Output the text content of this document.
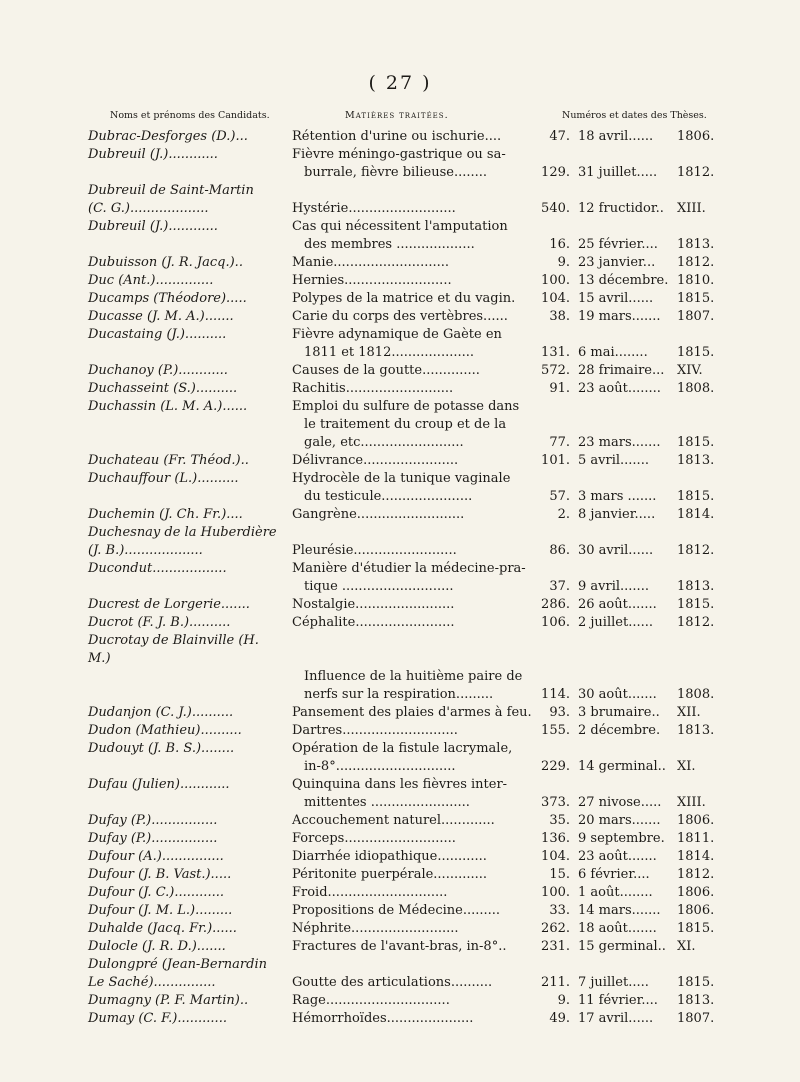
( 27 )
Noms et prénoms des Candidats.	Matières traitées.	Numéros et dates des Thèses.
Dubrac-Desforges (D.)...	Rétention d'urine ou ischurie....	47. 18 avril...... 1806.
Dubreuil (J.)............	Fièvre méningo-gastrique ou sa-
burrale, fièvre bilieuse........	129. 31 juillet..... 1812.
Dubreuil de Saint-Martin
(C. G.)...................	Hystérie..........................	540. 12 fructidor.. XIII.
Dubreuil (J.)............	Cas qui nécessitent l'amputation
des membres ...................	16. 25 février.... 1813.
Dubuisson (J. R. Jacq.)..	Manie............................	9. 23 janvier... 1812.
Duc (Ant.)..............	Hernies..........................	100. 13 décembre. 1810.
Ducamps (Théodore).....	Polypes de la matrice et du vagin. 104. 15 avril...... 1815.
Ducasse (J. M. A.).......	Carie du corps des vertèbres......	38. 19 mars....... 1807.
Ducastaing (J.)..........	Fièvre adynamique de Gaète en
1811 et 1812....................	131. 6 mai........ 1815.
Duchanoy (P.)............	Causes de la goutte..............	572. 28 frimaire... XIV.
Duchasseint (S.)..........	Rachitis..........................	91. 23 août........ 1808.
Duchassin (L. M. A.)......	Emploi du sulfure de potasse dans
le traitement du croup et de la
gale, etc.........................	77. 23 mars....... 1815.
Duchateau (Fr. Théod.)..	Délivrance.......................	101. 5 avril....... 1813.
Duchauffour (L.)..........	Hydrocèle de la tunique vaginale
du testicule......................	57. 3 mars ....... 1815.
Duchemin (J. Ch. Fr.)....	Gangrène..........................	2. 8 janvier..... 1814.
Duchesnay de la Huberdière
(J. B.)...................	Pleurésie.........................	86. 30 avril...... 1812.
Ducondut..................	Manière d'étudier la médecine-pra-
tique ...........................	37. 9 avril....... 1813.
Ducrest de Lorgerie.......	Nostalgie........................	286. 26 août....... 1815.
Ducrot (F. J. B.)..........	Céphalite........................	106. 2 juillet...... 1812.
Ducrotay de Blainville (H.
M.)
Influence de la huitième paire de
nerfs sur la respiration.........	114. 30 août....... 1808.
Dudanjon (C. J.)..........	Pansement des plaies d'armes à feu.	93. 3 brumaire.. XII.
Dudon (Mathieu)..........	Dartres............................	155. 2 décembre. 1813.
Dudouyt (J. B. S.)........	Opération de la fistule lacrymale,
in-8°.............................	229. 14 germinal.. XI.
Dufau (Julien)............	Quinquina dans les fièvres inter-
mittentes ........................	373. 27 nivose..... XIII.
Dufay (P.)................	Accouchement naturel.............	35. 20 mars....... 1806.
Dufay (P.)................	Forceps...........................	136. 9 septembre. 1811.
Dufour (A.)...............	Diarrhée idiopathique............	104. 23 août....... 1814.
Dufour (J. B. Vast.).....	Péritonite puerpérale.............	15. 6 février.... 1812.
Dufour (J. C.)............	Froid.............................	100. 1 août........ 1806.
Dufour (J. M. L.).........	Propositions de Médecine.........	33. 14 mars....... 1806.
Duhalde (Jacq. Fr.)......	Néphrite..........................	262. 18 août....... 1815.
Dulocle (J. R. D.).......	Fractures de l'avant-bras, in-8°..	231. 15 germinal.. XI.
Dulongpré (Jean-Bernardin
Le Saché)...............	Goutte des articulations..........	211. 7 juillet..... 1815.
Dumagny (P. F. Martin)..	Rage..............................	9. 11 février.... 1813.
Dumay (C. F.)............	Hémorrhoïdes.....................	49. 17 avril...... 1807.
